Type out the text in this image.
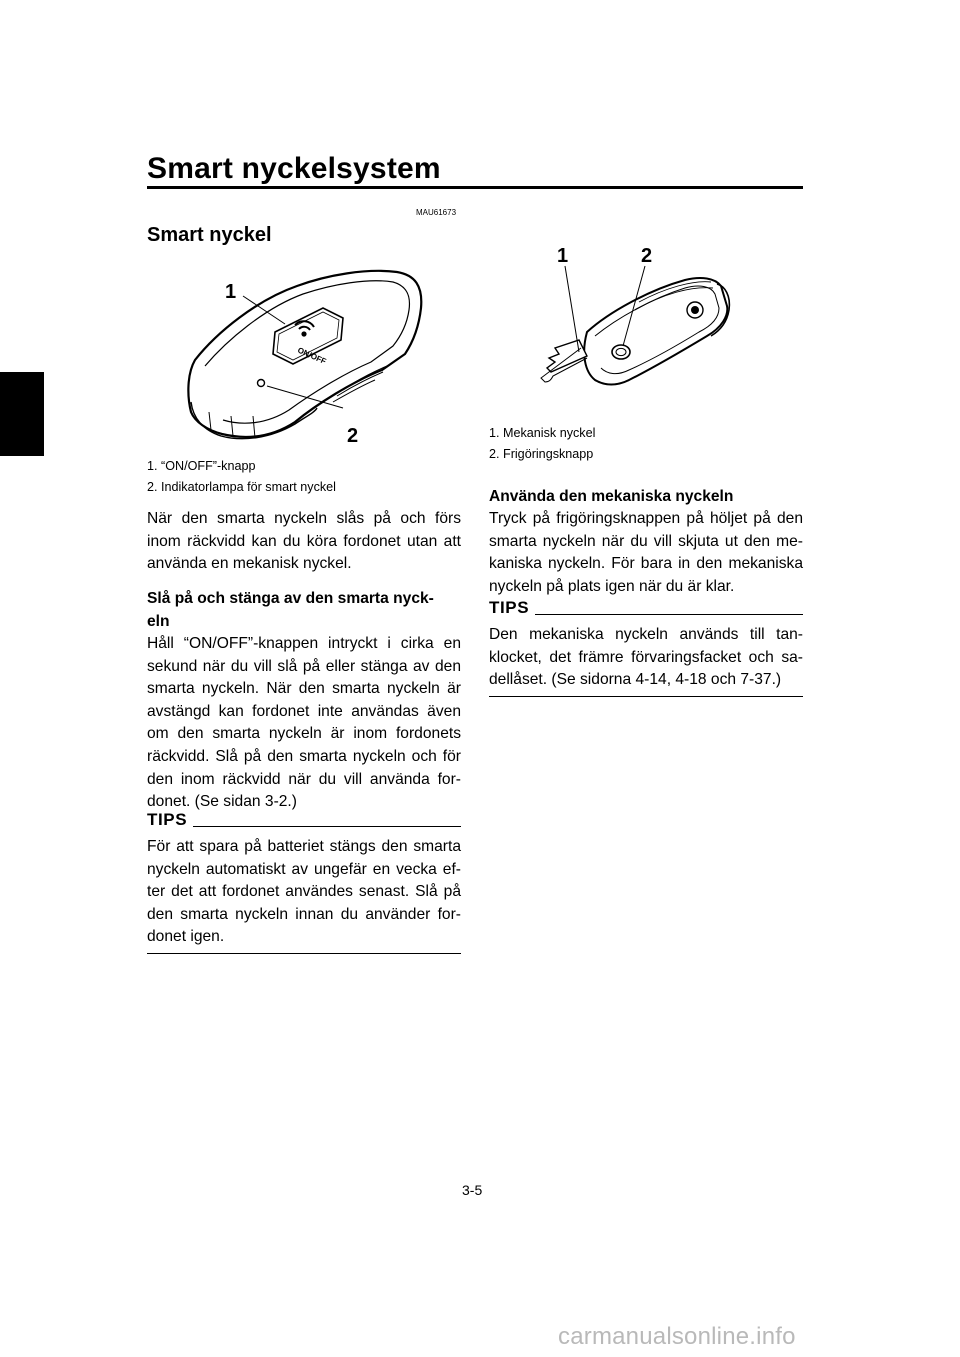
Smart nyckelsystem
3
MAU61673
Smart nyckel
ON/OFF
1
2
1. “ON/OFF”-knapp
2. Indikatorlampa för smart nyckel
När den smarta nyckeln slås på och förs inom räckvidd kan du köra fordonet utan att använda en mekanisk nyckel.
Slå på och stänga av den smarta nyck-
eln
Håll “ON/OFF”-knappen intryckt i cirka en sekund när du vill slå på eller stänga av den smarta nyckeln. När den smarta nyckeln är avstängd kan fordonet inte användas även om den smarta nyckeln är inom fordonets räckvidd. Slå på den smarta nyckeln och för den inom räckvidd när du vill använda for-donet. (Se sidan 3-2.)
TIPS
För att spara på batteriet stängs den smarta nyckeln automatiskt av ungefär en vecka ef-ter det att fordonet användes senast. Slå på den smarta nyckeln innan du använder for-donet igen.
1	2
1. Mekanisk nyckel
2. Frigöringsknapp
Använda den mekaniska nyckeln
Tryck på frigöringsknappen på höljet på den smarta nyckeln när du vill skjuta ut den me-kaniska nyckeln. För bara in den mekaniska nyckeln på plats igen när du är klar.
TIPS
Den mekaniska nyckeln används till tan-klocket, det främre förvaringsfacket och sa-dellåset. (Se sidorna 4-14, 4-18 och 7-37.)
3-5
carmanualsonline.info
